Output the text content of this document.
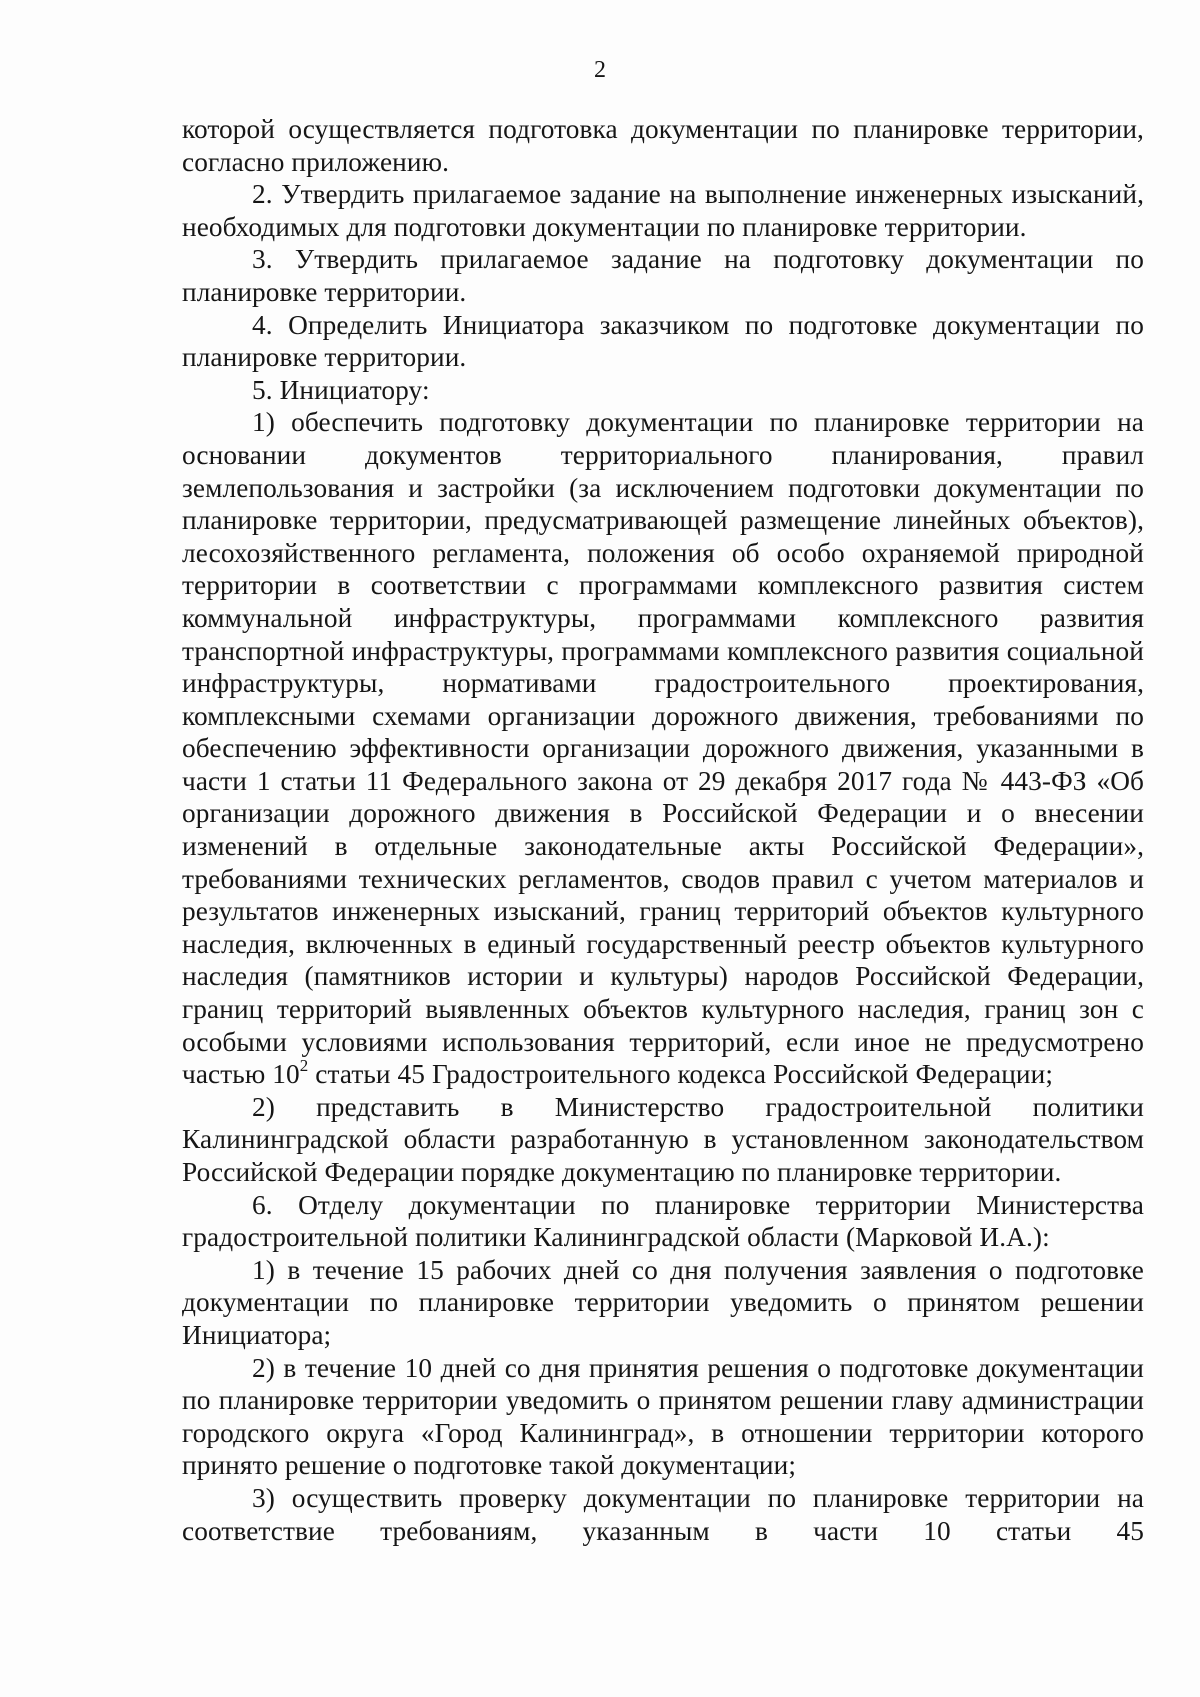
2

которой осуществляется подготовка документации по планировке территории, согласно приложению.

2. Утвердить прилагаемое задание на выполнение инженерных изысканий, необходимых для подготовки документации по планировке территории.

3. Утвердить прилагаемое задание на подготовку документации по планировке территории.

4. Определить Инициатора заказчиком по подготовке документации по планировке территории.

5. Инициатору:

1) обеспечить подготовку документации по планировке территории на основании документов территориального планирования, правил землепользования и застройки (за исключением подготовки документации по планировке территории, предусматривающей размещение линейных объектов), лесохозяйственного регламента, положения об особо охраняемой природной территории в соответствии с программами комплексного развития систем коммунальной инфраструктуры, программами комплексного развития транспортной инфраструктуры, программами комплексного развития социальной инфраструктуры, нормативами градостроительного проектирования, комплексными схемами организации дорожного движения, требованиями по обеспечению эффективности организации дорожного движения, указанными в части 1 статьи 11 Федерального закона от 29 декабря 2017 года № 443-ФЗ «Об организации дорожного движения в Российской Федерации и о внесении изменений в отдельные законодательные акты Российской Федерации», требованиями технических регламентов, сводов правил с учетом материалов и результатов инженерных изысканий, границ территорий объектов культурного наследия, включенных в единый государственный реестр объектов культурного наследия (памятников истории и культуры) народов Российской Федерации, границ территорий выявленных объектов культурного наследия, границ зон с особыми условиями использования территорий, если иное не предусмотрено частью $10^2$ статьи 45 Градостроительного кодекса Российской Федерации;

2) представить в Министерство градостроительной политики Калининградской области разработанную в установленном законодательством Российской Федерации порядке документацию по планировке территории.

6. Отделу документации по планировке территории Министерства градостроительной политики Калининградской области (Марковой И.А.):

1) в течение 15 рабочих дней со дня получения заявления о подготовке документации по планировке территории уведомить о принятом решении Инициатора;

2) в течение 10 дней со дня принятия решения о подготовке документации по планировке территории уведомить о принятом решении главу администрации городского округа «Город Калининград», в отношении территории которого принято решение о подготовке такой документации;

3) осуществить проверку документации по планировке территории на соответствие требованиям, указанным в части 10 статьи 45
